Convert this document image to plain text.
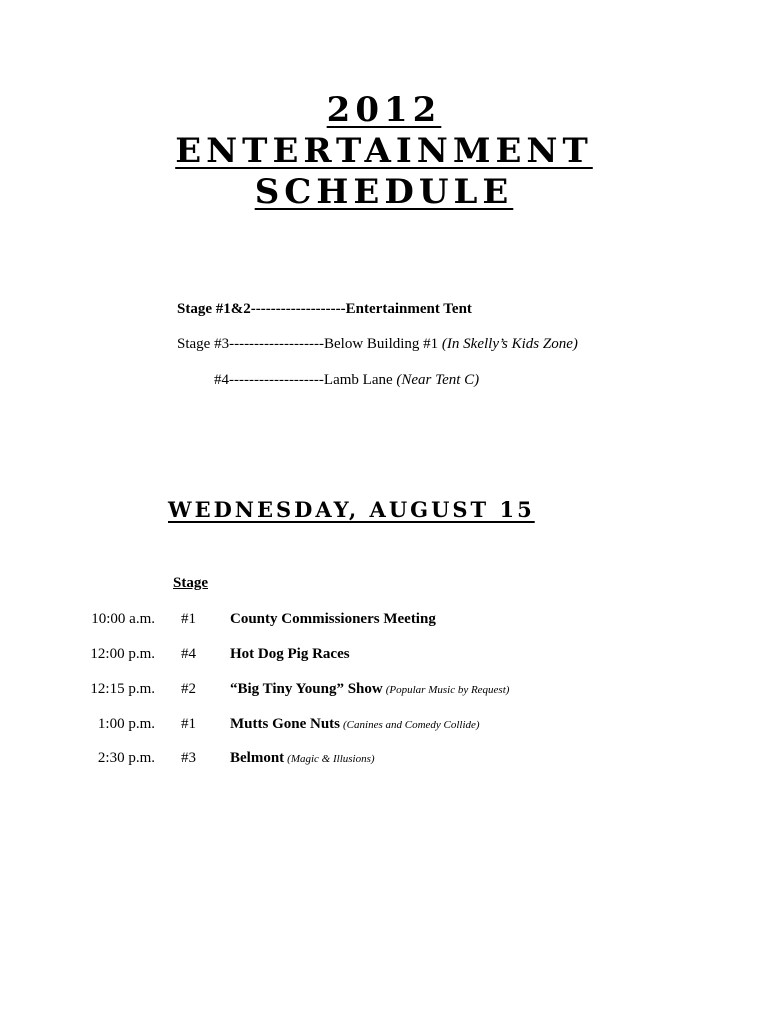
2012
ENTERTAINMENT
SCHEDULE
Stage #1&2-------------------Entertainment Tent
Stage #3-------------------Below Building #1 (In Skelly’s Kids Zone)
#4-------------------Lamb Lane (Near Tent C)
WEDNESDAY, AUGUST 15
Stage
10:00 a.m. #1 County Commissioners Meeting
12:00 p.m. #4 Hot Dog Pig Races
12:15 p.m. #2 “Big Tiny Young” Show (Popular Music by Request)
1:00 p.m. #1 Mutts Gone Nuts (Canines and Comedy Collide)
2:30 p.m. #3 Belmont (Magic & Illusions)
